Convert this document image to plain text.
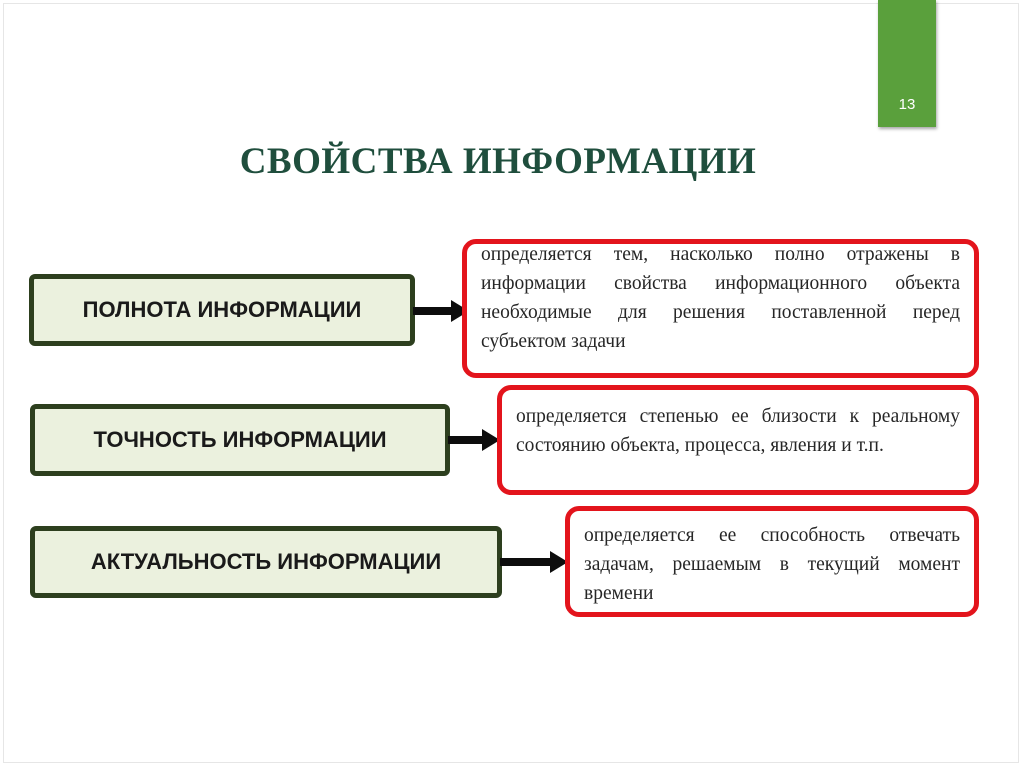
13
СВОЙСТВА ИНФОРМАЦИИ
ПОЛНОТА ИНФОРМАЦИИ

определяется тем, насколько полно отражены в информации свойства информационного объекта необходимые для решения поставленной перед субъектом задачи

ТОЧНОСТЬ ИНФОРМАЦИИ

определяется степенью ее близости к реальному состоянию объекта, процесса, явления и т.п.

АКТУАЛЬНОСТЬ ИНФОРМАЦИИ

определяется ее способность отвечать задачам, решаемым в текущий момент времени
